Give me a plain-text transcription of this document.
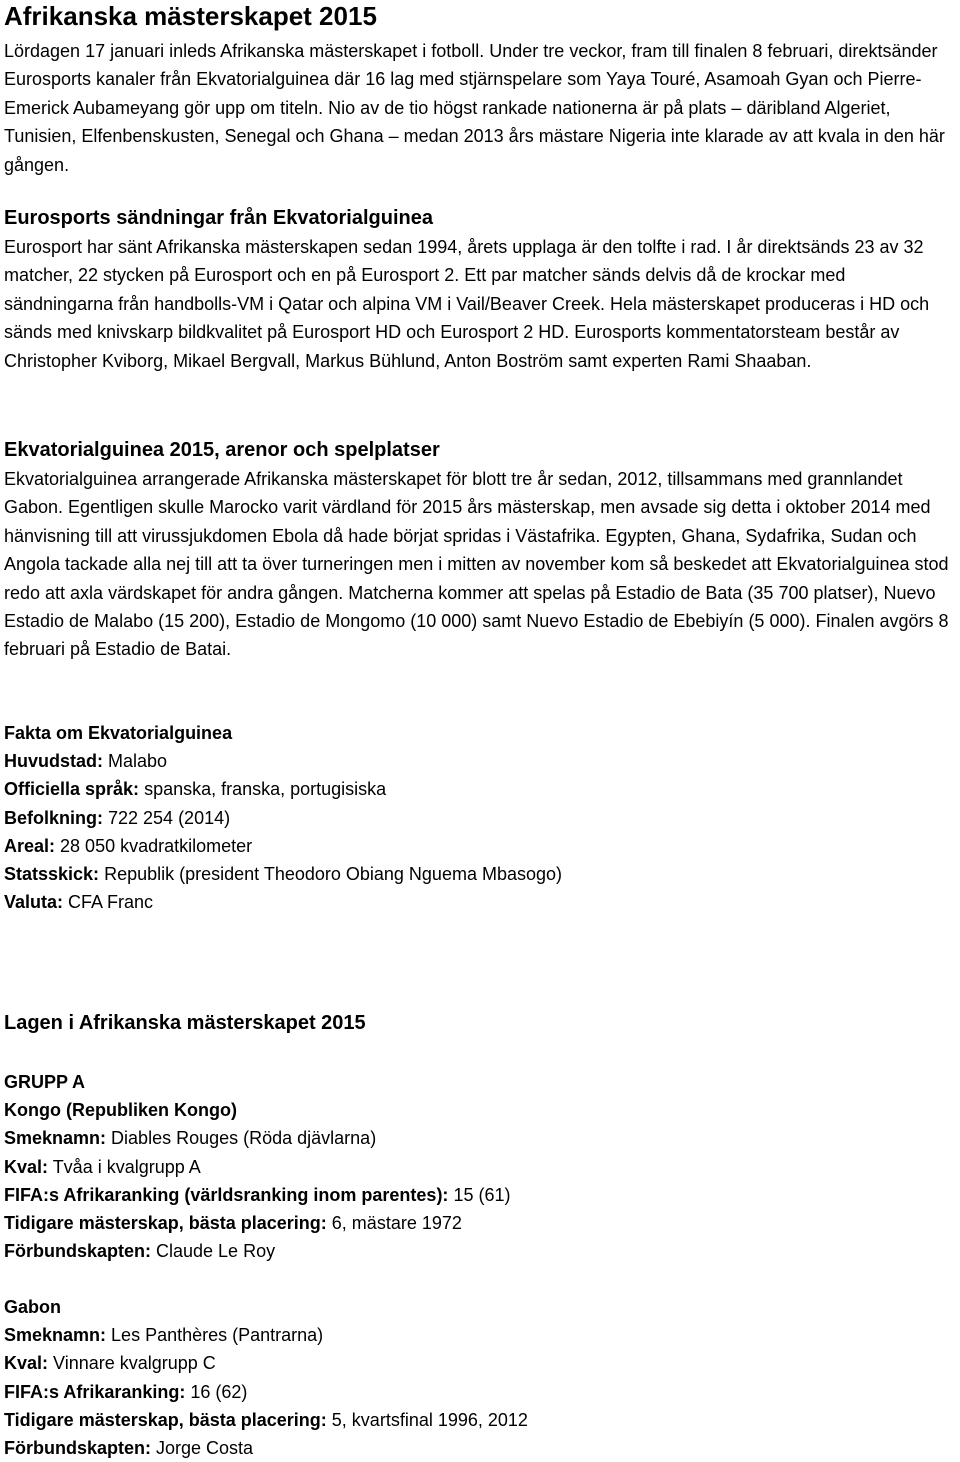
Afrikanska mästerskapet 2015

Lördagen 17 januari inleds Afrikanska mästerskapet i fotboll. Under tre veckor, fram till finalen 8 februari, direktsänder Eurosports kanaler från Ekvatorialguinea där 16 lag med stjärnspelare som Yaya Touré, Asamoah Gyan och Pierre-Emerick Aubameyang gör upp om titeln. Nio av de tio högst rankade nationerna är på plats – däribland Algeriet, Tunisien, Elfenbenskusten, Senegal och Ghana – medan 2013 års mästare Nigeria inte klarade av att kvala in den här gången.

Eurosports sändningar från Ekvatorialguinea

Eurosport har sänt Afrikanska mästerskapen sedan 1994, årets upplaga är den tolfte i rad. I år direktsänds 23 av 32 matcher, 22 stycken på Eurosport och en på Eurosport 2. Ett par matcher sänds delvis då de krockar med sändningarna från handbolls-VM i Qatar och alpina VM i Vail/Beaver Creek. Hela mästerskapet produceras i HD och sänds med knivskarp bildkvalitet på Eurosport HD och Eurosport 2 HD. Eurosports kommentatorsteam består av Christopher Kviborg, Mikael Bergvall, Markus Bühlund, Anton Boström samt experten Rami Shaaban.

Ekvatorialguinea 2015, arenor och spelplatser

Ekvatorialguinea arrangerade Afrikanska mästerskapet för blott tre år sedan, 2012, tillsammans med grannlandet Gabon. Egentligen skulle Marocko varit värdland för 2015 års mästerskap, men avsade sig detta i oktober 2014 med hänvisning till att virussjukdomen Ebola då hade börjat spridas i Västafrika. Egypten, Ghana, Sydafrika, Sudan och Angola tackade alla nej till att ta över turneringen men i mitten av november kom så beskedet att Ekvatorialguinea stod redo att axla värdskapet för andra gången. Matcherna kommer att spelas på Estadio de Bata (35 700 platser), Nuevo Estadio de Malabo (15 200), Estadio de Mongomo (10 000) samt Nuevo Estadio de Ebebiyín (5 000). Finalen avgörs 8 februari på Estadio de Batai.

Fakta om Ekvatorialguinea
Huvudstad: Malabo
Officiella språk: spanska, franska, portugisiska
Befolkning: 722 254 (2014)
Areal: 28 050 kvadratkilometer
Statsskick: Republik (president Theodoro Obiang Nguema Mbasogo)
Valuta: CFA Franc
Lagen i Afrikanska mästerskapet 2015
GRUPP A
Kongo (Republiken Kongo)
Smeknamn: Diables Rouges (Röda djävlarna)
Kval: Tvåa i kvalgrupp A
FIFA:s Afrikaranking (världsranking inom parentes): 15 (61)
Tidigare mästerskap, bästa placering: 6, mästare 1972
Förbundskapten: Claude Le Roy
Gabon
Smeknamn: Les Panthères (Pantrarna)
Kval: Vinnare kvalgrupp C
FIFA:s Afrikaranking: 16 (62)
Tidigare mästerskap, bästa placering: 5, kvartsfinal 1996, 2012
Förbundskapten: Jorge Costa
